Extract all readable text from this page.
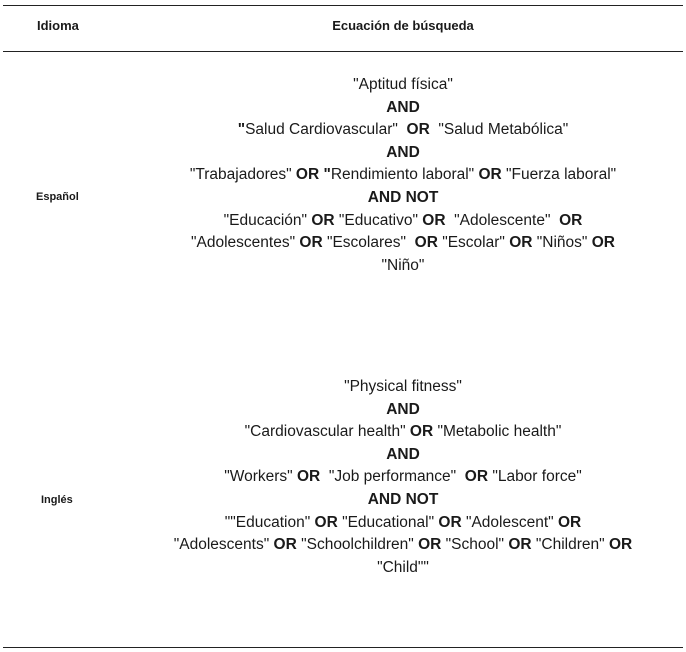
Idioma	Ecuación de búsqueda
Español
"Aptitud física"
AND
"Salud Cardiovascular"  OR  "Salud Metabólica"
AND
"Trabajadores" OR "Rendimiento laboral" OR "Fuerza laboral"
AND NOT
"Educación" OR "Educativo" OR  "Adolescente"  OR
"Adolescentes" OR "Escolares"  OR "Escolar" OR "Niños" OR
"Niño"
Inglés
"Physical fitness"
AND
"Cardiovascular health" OR "Metabolic health"
AND
"Workers" OR  "Job performance"  OR "Labor force"
AND NOT
""Education" OR "Educational" OR "Adolescent" OR
"Adolescents" OR "Schoolchildren" OR "School" OR "Children" OR
"Child""
